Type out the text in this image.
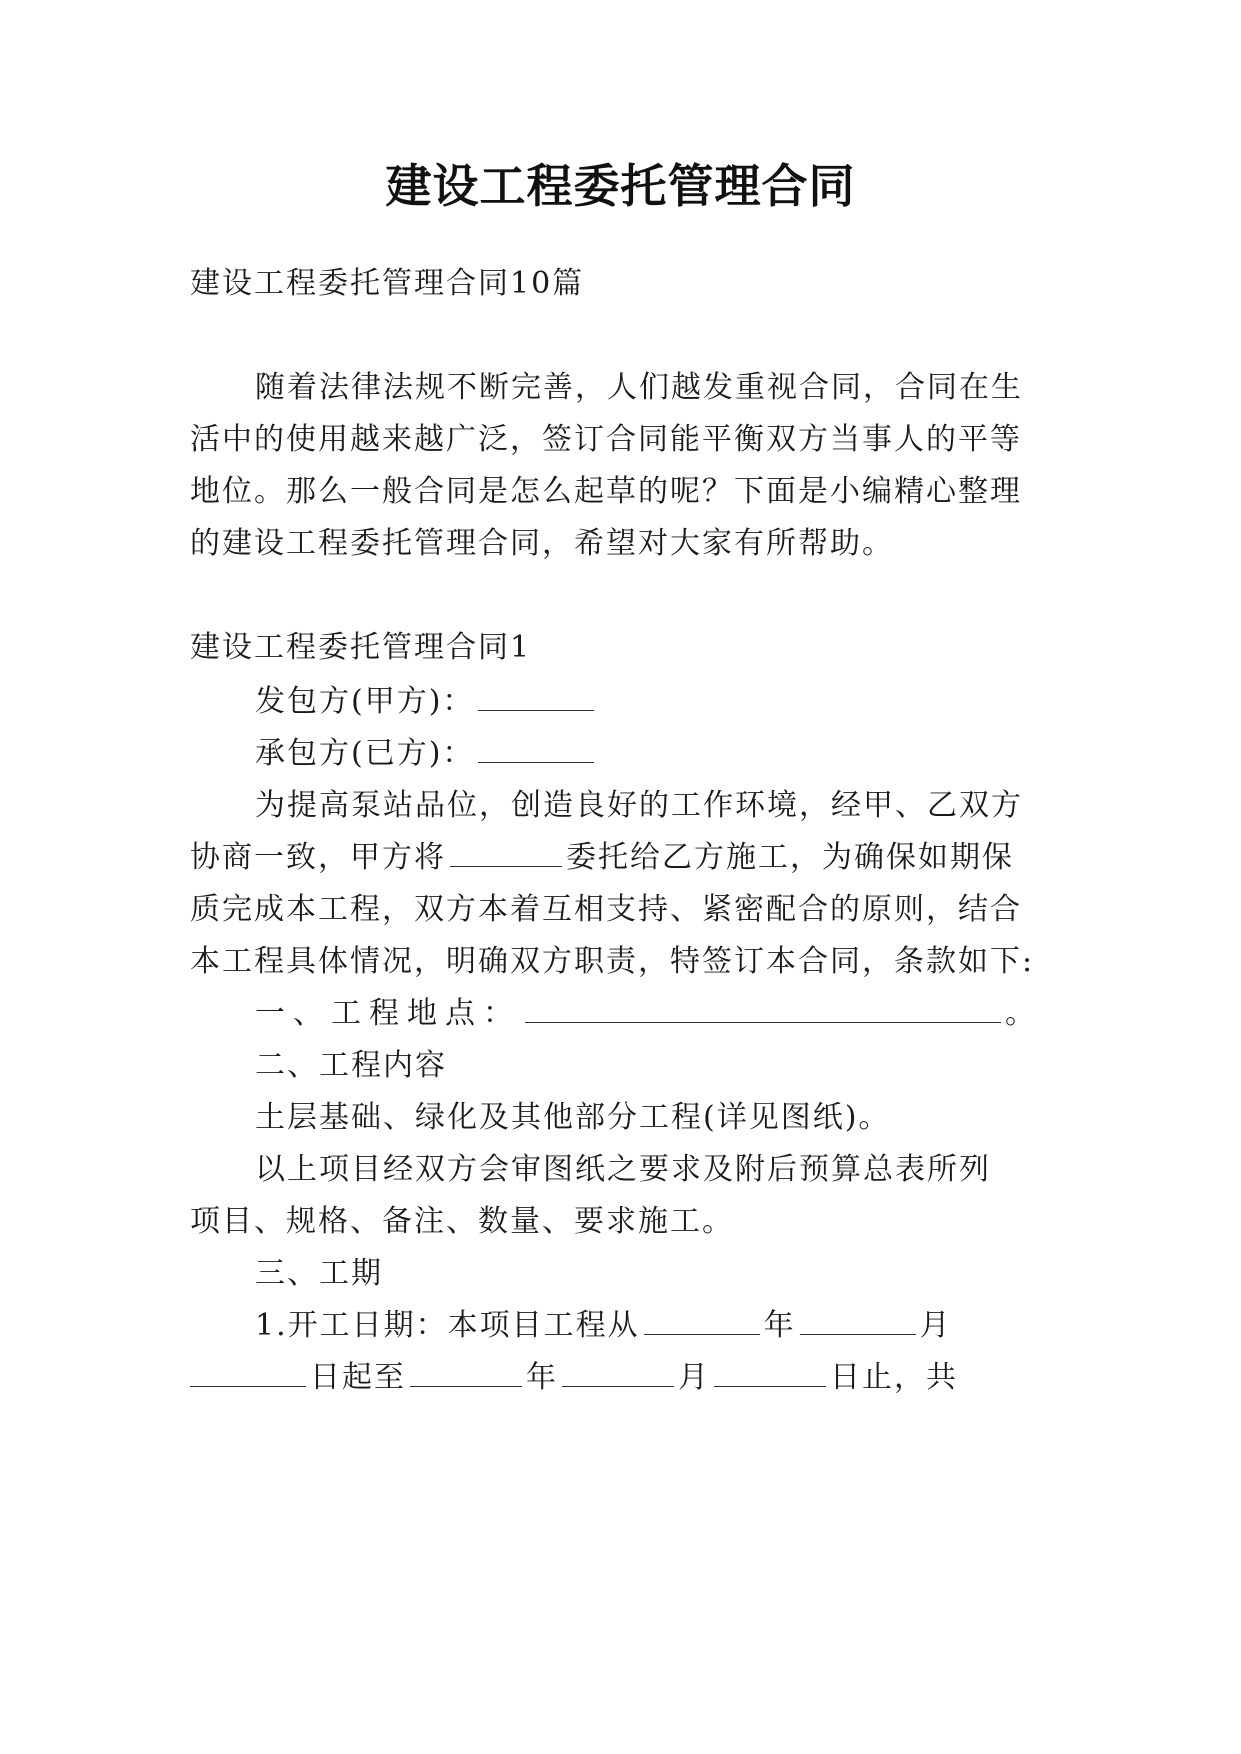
建设工程委托管理合同
建设工程委托管理合同10篇
随着法律法规不断完善，人们越发重视合同，合同在生
活中的使用越来越广泛，签订合同能平衡双方当事人的平等
地位。那么一般合同是怎么起草的呢？下面是小编精心整理
的建设工程委托管理合同，希望对大家有所帮助。
建设工程委托管理合同1
发包方(甲方)：
承包方(已方)：
为提高泵站品位，创造良好的工作环境，经甲、乙双方
协商一致，甲方将	委托给乙方施工，为确保如期保
质完成本工程，双方本着互相支持、紧密配合的原则，结合
本工程具体情况，明确双方职责，特签订本合同，条款如下:
一、工程地点：	。
二、工程内容
土层基础、绿化及其他部分工程(详见图纸)。
以上项目经双方会审图纸之要求及附后预算总表所列
项目、规格、备注、数量、要求施工。
三、工期
1.开工日期：本项目工程从	年	月
日起至	年	月	日止，共
